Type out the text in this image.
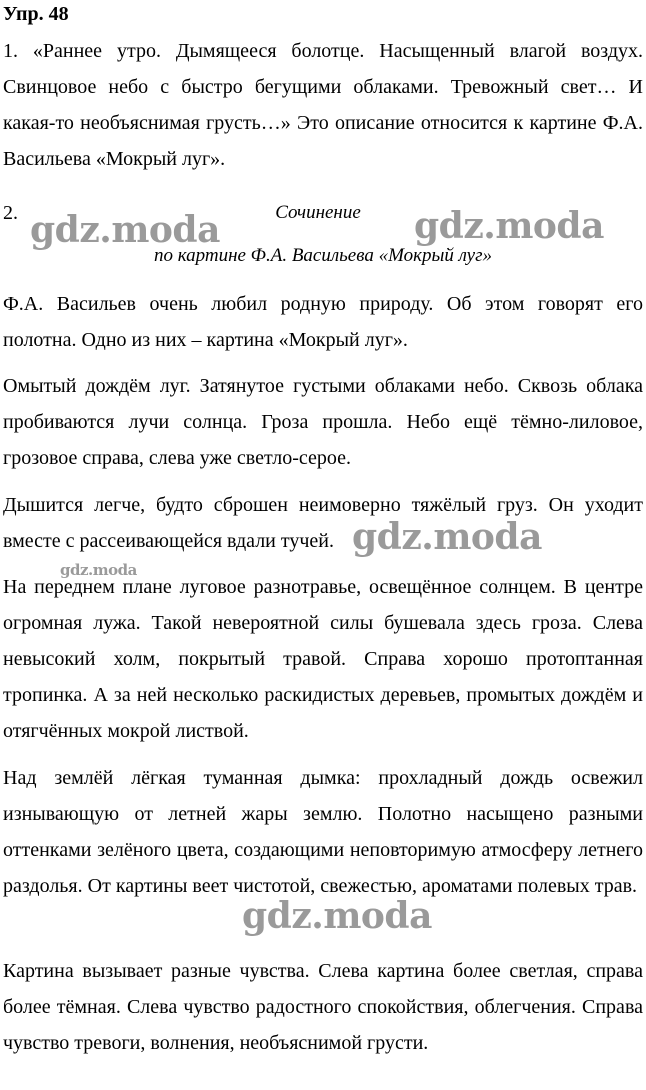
Упр. 48

1. «Раннее утро. Дымящееся болотце. Насыщенный влагой воздух. Свинцовое небо с быстро бегущими облаками. Тревожный свет… И какая-то необъяснимая грусть…» Это описание относится к картине Ф.А. Васильева «Мокрый луг».

2.	Сочинение
по картине Ф.А. Васильева «Мокрый луг»

Ф.А. Васильев очень любил родную природу. Об этом говорят его полотна. Одно из них – картина «Мокрый луг».

Омытый дождём луг. Затянутое густыми облаками небо. Сквозь облака пробиваются лучи солнца. Гроза прошла. Небо ещё тёмно-лиловое, грозовое справа, слева уже светло-серое.

Дышится легче, будто сброшен неимоверно тяжёлый груз. Он уходит вместе с рассеивающейся вдали тучей.

На переднем плане луговое разнотравье, освещённое солнцем. В центре огромная лужа. Такой невероятной силы бушевала здесь гроза. Слева невысокий холм, покрытый травой. Справа хорошо протоптанная тропинка. А за ней несколько раскидистых деревьев, промытых дождём и отягчённых мокрой листвой.

Над землёй лёгкая туманная дымка: прохладный дождь освежил изнывающую от летней жары землю. Полотно насыщено разными оттенками зелёного цвета, создающими неповторимую атмосферу летнего раздолья. От картины веет чистотой, свежестью, ароматами полевых трав.

Картина вызывает разные чувства. Слева картина более светлая, справа более тёмная. Слева чувство радостного спокойствия, облегчения. Справа чувство тревоги, волнения, необъяснимой грусти.

gdz.moda	gdz.moda
gdz.moda
gdz.moda
gdz.moda
